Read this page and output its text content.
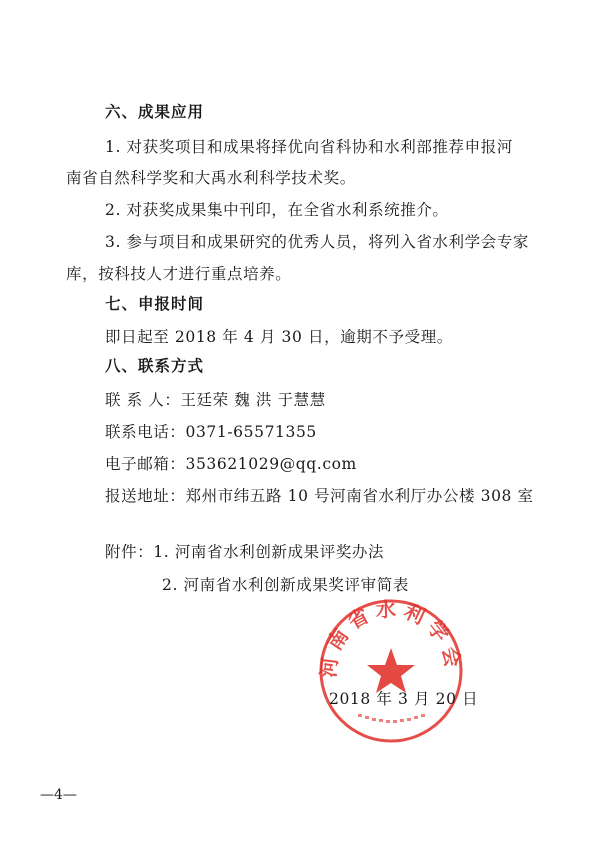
六、成果应用
1. 对获奖项目和成果将择优向省科协和水利部推荐申报河
南省自然科学奖和大禹水利科学技术奖。
2. 对获奖成果集中刊印，在全省水利系统推介。
3. 参与项目和成果研究的优秀人员，将列入省水利学会专家
库，按科技人才进行重点培养。
七、申报时间
即日起至 2018 年 4 月 30 日，逾期不予受理。
八、联系方式
联 系 人：王廷荣 魏 洪 于慧慧
联系电话：0371-65571355
电子邮箱：353621029@qq.com
报送地址：郑州市纬五路 10 号河南省水利厅办公楼 308 室
附件：1. 河南省水利创新成果评奖办法
2. 河南省水利创新成果奖评审简表
河南省水利学会
2018 年 3 月 20 日
—4—
